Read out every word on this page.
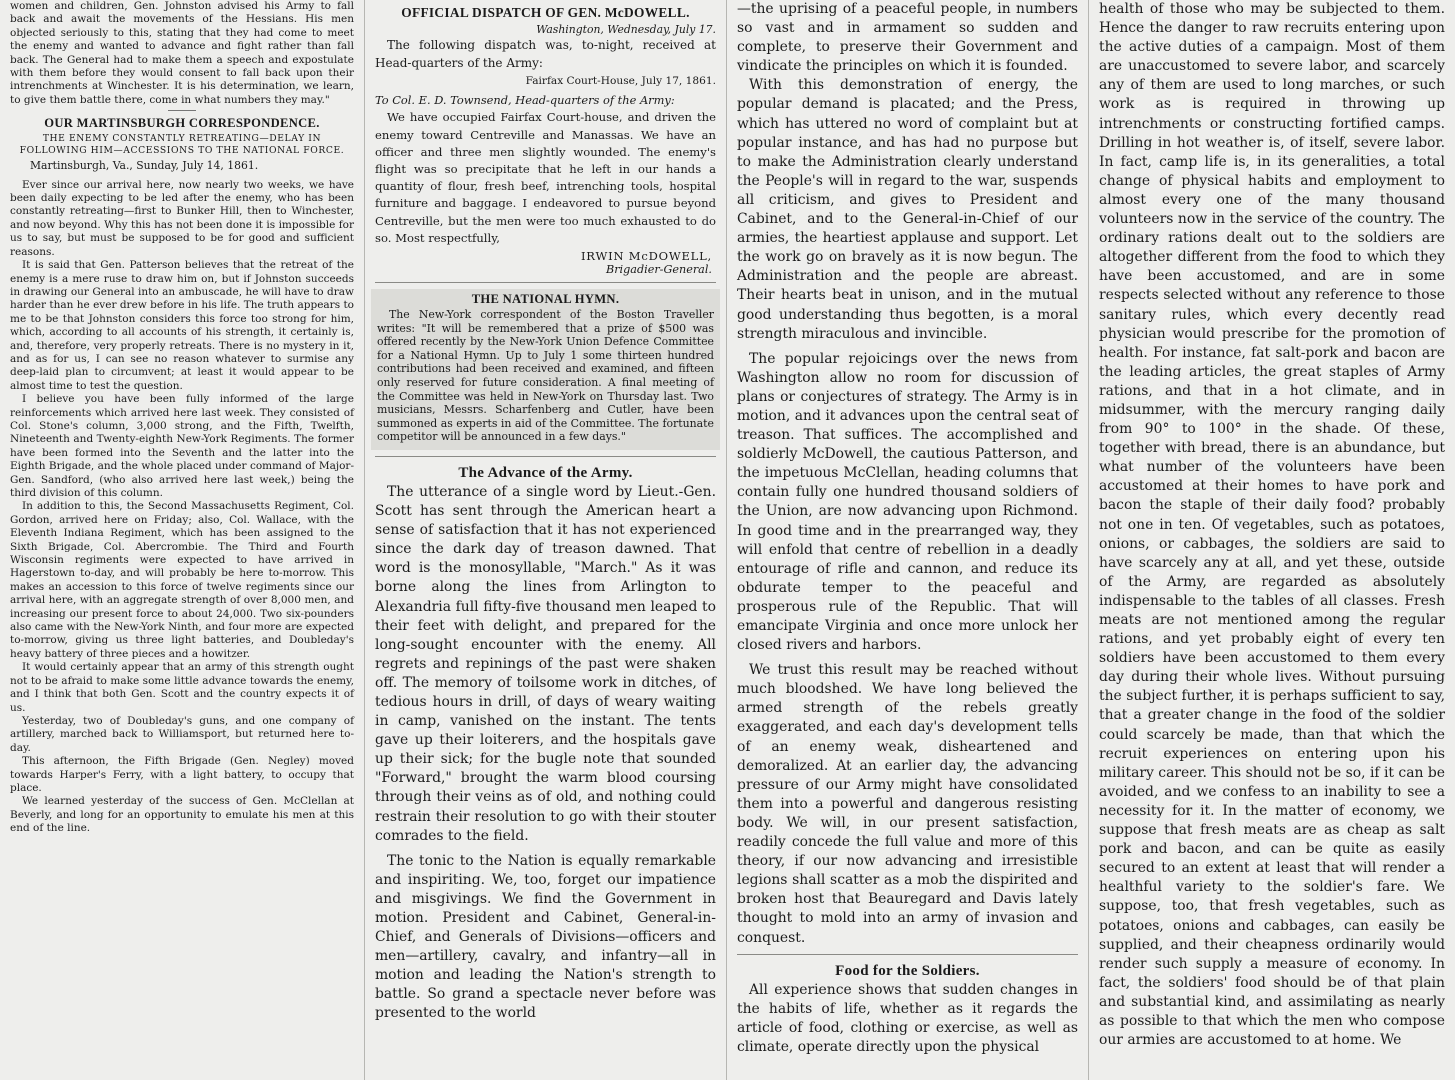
women and children, Gen. Johnston advised his Army to fall back and await the movements of the Hessians. His men objected seriously to this, stating that they had come to meet the enemy and wanted to advance and fight rather than fall back. The General had to make them a speech and expostulate with them before they would consent to fall back upon their intrenchments at Winchester. It is his determination, we learn, to give them battle there, come in what numbers they may."

OUR MARTINSBURGH CORRESPONDENCE.
THE ENEMY CONSTANTLY RETREATING—DELAY IN FOLLOWING HIM—ACCESSIONS TO THE NATIONAL FORCE.
Martinsburgh, Va., Sunday, July 14, 1861.

Ever since our arrival here, now nearly two weeks, we have been daily expecting to be led after the enemy, who has been constantly retreating—first to Bunker Hill, then to Winchester, and now beyond. Why this has not been done it is impossible for us to say, but must be supposed to be for good and sufficient reasons.

It is said that Gen. Patterson believes that the retreat of the enemy is a mere ruse to draw him on, but if Johnston succeeds in drawing our General into an ambuscade, he will have to draw harder than he ever drew before in his life. The truth appears to me to be that Johnston considers this force too strong for him, which, according to all accounts of his strength, it certainly is, and, therefore, very properly retreats. There is no mystery in it, and as for us, I can see no reason whatever to surmise any deep-laid plan to circumvent; at least it would appear to be almost time to test the question.

I believe you have been fully informed of the large reinforcements which arrived here last week. They consisted of Col. Stone's column, 3,000 strong, and the Fifth, Twelfth, Nineteenth and Twenty-eighth New-York Regiments. The former have been formed into the Seventh and the latter into the Eighth Brigade, and the whole placed under command of Major-Gen. Sandford, (who also arrived here last week,) being the third division of this column.

In addition to this, the Second Massachusetts Regiment, Col. Gordon, arrived here on Friday; also, Col. Wallace, with the Eleventh Indiana Regiment, which has been assigned to the Sixth Brigade, Col. Abercrombie. The Third and Fourth Wisconsin regiments were expected to have arrived in Hagerstown to-day, and will probably be here to-morrow. This makes an accession to this force of twelve regiments since our arrival here, with an aggregate strength of over 8,000 men, and increasing our present force to about 24,000. Two six-pounders also came with the New-York Ninth, and four more are expected to-morrow, giving us three light batteries, and Doubleday's heavy battery of three pieces and a howitzer.

It would certainly appear that an army of this strength ought not to be afraid to make some little advance towards the enemy, and I think that both Gen. Scott and the country expects it of us.

Yesterday, two of Doubleday's guns, and one company of artillery, marched back to Williamsport, but returned here to-day.

This afternoon, the Fifth Brigade (Gen. Negley) moved towards Harper's Ferry, with a light battery, to occupy that place.

We learned yesterday of the success of Gen. McClellan at Beverly, and long for an opportunity to emulate his men at this end of the line.

OFFICIAL DISPATCH OF GEN. McDOWELL.
Washington, Wednesday, July 17.

The following dispatch was, to-night, received at Head-quarters of the Army:

Fairfax Court-House, July 17, 1861.

To Col. E. D. Townsend, Head-quarters of the Army:

We have occupied Fairfax Court-house, and driven the enemy toward Centreville and Manassas. We have an officer and three men slightly wounded. The enemy's flight was so precipitate that he left in our hands a quantity of flour, fresh beef, intrenching tools, hospital furniture and baggage. I endeavored to pursue beyond Centreville, but the men were too much exhausted to do so. Most respectfully,

IRWIN McDOWELL,
Brigadier-General.
THE NATIONAL HYMN.

The New-York correspondent of the Boston Traveller writes: "It will be remembered that a prize of $500 was offered recently by the New-York Union Defence Committee for a National Hymn. Up to July 1 some thirteen hundred contributions had been received and examined, and fifteen only reserved for future consideration. A final meeting of the Committee was held in New-York on Thursday last. Two musicians, Messrs. Scharfenberg and Cutler, have been summoned as experts in aid of the Committee. The fortunate competitor will be announced in a few days."

The Advance of the Army.

The utterance of a single word by Lieut.-Gen. Scott has sent through the American heart a sense of satisfaction that it has not experienced since the dark day of treason dawned. That word is the monosyllable, "March." As it was borne along the lines from Arlington to Alexandria full fifty-five thousand men leaped to their feet with delight, and prepared for the long-sought encounter with the enemy. All regrets and repinings of the past were shaken off. The memory of toilsome work in ditches, of tedious hours in drill, of days of weary waiting in camp, vanished on the instant. The tents gave up their loiterers, and the hospitals gave up their sick; for the bugle note that sounded "Forward," brought the warm blood coursing through their veins as of old, and nothing could restrain their resolution to go with their stouter comrades to the field.

The tonic to the Nation is equally remarkable and inspiriting. We, too, forget our impatience and misgivings. We find the Government in motion. President and Cabinet, General-in-Chief, and Generals of Divisions—officers and men—artillery, cavalry, and infantry—all in motion and leading the Nation's strength to battle. So grand a spectacle never before was presented to the world

—the uprising of a peaceful people, in numbers so vast and in armament so sudden and complete, to preserve their Government and vindicate the principles on which it is founded.

With this demonstration of energy, the popular demand is placated; and the Press, which has uttered no word of complaint but at popular instance, and has had no purpose but to make the Administration clearly understand the People's will in regard to the war, suspends all criticism, and gives to President and Cabinet, and to the General-in-Chief of our armies, the heartiest applause and support. Let the work go on bravely as it is now begun. The Administration and the people are abreast. Their hearts beat in unison, and in the mutual good understanding thus begotten, is a moral strength miraculous and invincible.

The popular rejoicings over the news from Washington allow no room for discussion of plans or conjectures of strategy. The Army is in motion, and it advances upon the central seat of treason. That suffices. The accomplished and soldierly McDowell, the cautious Patterson, and the impetuous McClellan, heading columns that contain fully one hundred thousand soldiers of the Union, are now advancing upon Richmond. In good time and in the prearranged way, they will enfold that centre of rebellion in a deadly entourage of rifle and cannon, and reduce its obdurate temper to the peaceful and prosperous rule of the Republic. That will emancipate Virginia and once more unlock her closed rivers and harbors.

We trust this result may be reached without much bloodshed. We have long believed the armed strength of the rebels greatly exaggerated, and each day's development tells of an enemy weak, disheartened and demoralized. At an earlier day, the advancing pressure of our Army might have consolidated them into a powerful and dangerous resisting body. We will, in our present satisfaction, readily concede the full value and more of this theory, if our now advancing and irresistible legions shall scatter as a mob the dispirited and broken host that Beauregard and Davis lately thought to mold into an army of invasion and conquest.

Food for the Soldiers.

All experience shows that sudden changes in the habits of life, whether as it regards the article of food, clothing or exercise, as well as climate, operate directly upon the physical

health of those who may be subjected to them. Hence the danger to raw recruits entering upon the active duties of a campaign. Most of them are unaccustomed to severe labor, and scarcely any of them are used to long marches, or such work as is required in throwing up intrenchments or constructing fortified camps. Drilling in hot weather is, of itself, severe labor. In fact, camp life is, in its generalities, a total change of physical habits and employment to almost every one of the many thousand volunteers now in the service of the country. The ordinary rations dealt out to the soldiers are altogether different from the food to which they have been accustomed, and are in some respects selected without any reference to those sanitary rules, which every decently read physician would prescribe for the promotion of health. For instance, fat salt-pork and bacon are the leading articles, the great staples of Army rations, and that in a hot climate, and in midsummer, with the mercury ranging daily from 90° to 100° in the shade. Of these, together with bread, there is an abundance, but what number of the volunteers have been accustomed at their homes to have pork and bacon the staple of their daily food? probably not one in ten. Of vegetables, such as potatoes, onions, or cabbages, the soldiers are said to have scarcely any at all, and yet these, outside of the Army, are regarded as absolutely indispensable to the tables of all classes. Fresh meats are not mentioned among the regular rations, and yet probably eight of every ten soldiers have been accustomed to them every day during their whole lives. Without pursuing the subject further, it is perhaps sufficient to say, that a greater change in the food of the soldier could scarcely be made, than that which the recruit experiences on entering upon his military career. This should not be so, if it can be avoided, and we confess to an inability to see a necessity for it. In the matter of economy, we suppose that fresh meats are as cheap as salt pork and bacon, and can be quite as easily secured to an extent at least that will render a healthful variety to the soldier's fare. We suppose, too, that fresh vegetables, such as potatoes, onions and cabbages, can easily be supplied, and their cheapness ordinarily would render such supply a measure of economy. In fact, the soldiers' food should be of that plain and substantial kind, and assimilating as nearly as possible to that which the men who compose our armies are accustomed to at home. We
